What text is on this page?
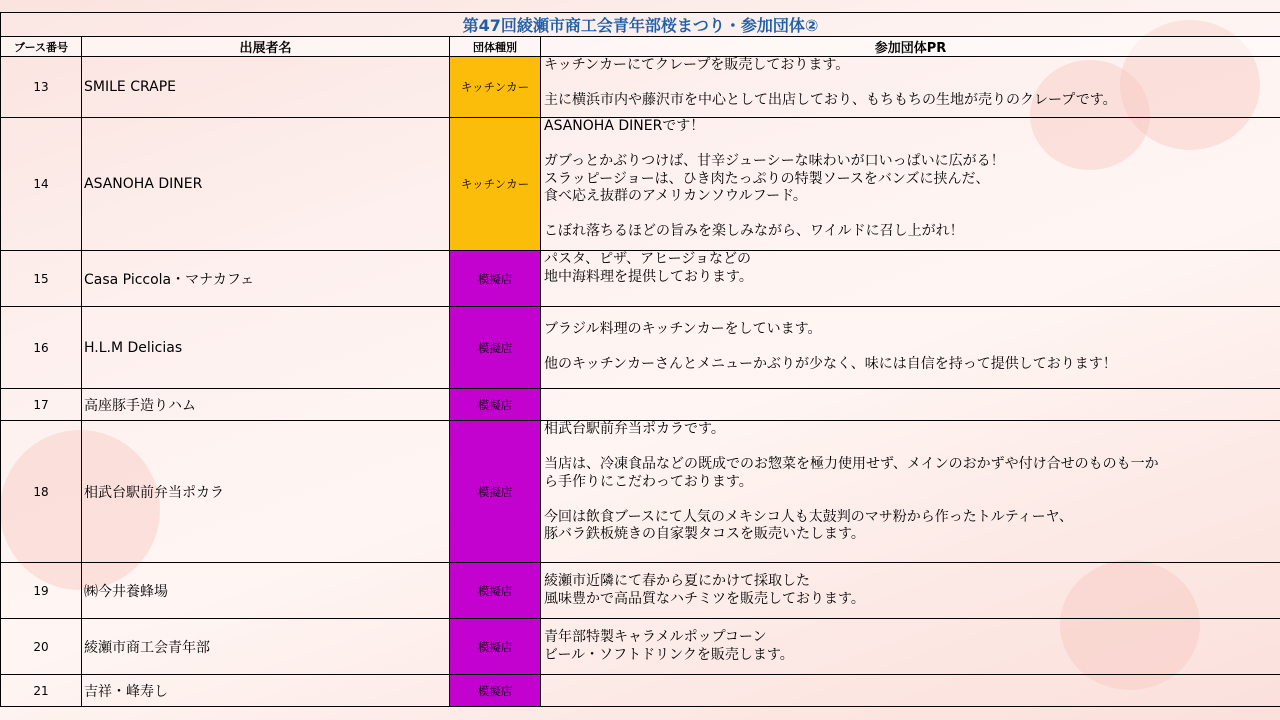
第47回綾瀬市商工会青年部桜まつり・参加団体②			
ブース番号	出展者名	団体種別	参加団体PR
13	SMILE CRAPE	キッチンカー	キッチンカーにてクレープを販売しております。

主に横浜市内や藤沢市を中心として出店しており、もちもちの生地が売りのクレープです。
14	ASANOHA DINER	キッチンカー	ASANOHA DINERです！

ガブっとかぶりつけば、甘辛ジューシーな味わいが口いっぱいに広がる！
スラッピージョーは、ひき肉たっぷりの特製ソースをバンズに挟んだ、
食べ応え抜群のアメリカンソウルフード。

こぼれ落ちるほどの旨みを楽しみながら、ワイルドに召し上がれ！
15	Casa Piccola・マナカフェ	模擬店	パスタ、ピザ、アヒージョなどの
地中海料理を提供しております。
16	H.L.M Delicias	模擬店	ブラジル料理のキッチンカーをしています。

他のキッチンカーさんとメニューかぶりが少なく、味には自信を持って提供しております！
17	高座豚手造りハム	模擬店	
18	相武台駅前弁当ポカラ	模擬店	相武台駅前弁当ポカラです。

当店は、冷凍食品などの既成でのお惣菜を極力使用せず、メインのおかずや付け合せのものも一か
ら手作りにこだわっております。

今回は飲食ブースにて人気のメキシコ人も太鼓判のマサ粉から作ったトルティーヤ、
豚バラ鉄板焼きの自家製タコスを販売いたします。
19	㈱今井養蜂場	模擬店	綾瀬市近隣にて春から夏にかけて採取した
風味豊かで高品質なハチミツを販売しております。
20	綾瀬市商工会青年部	模擬店	青年部特製キャラメルポップコーン
ビール・ソフトドリンクを販売します。
21	吉祥・峰寿し	模擬店	
